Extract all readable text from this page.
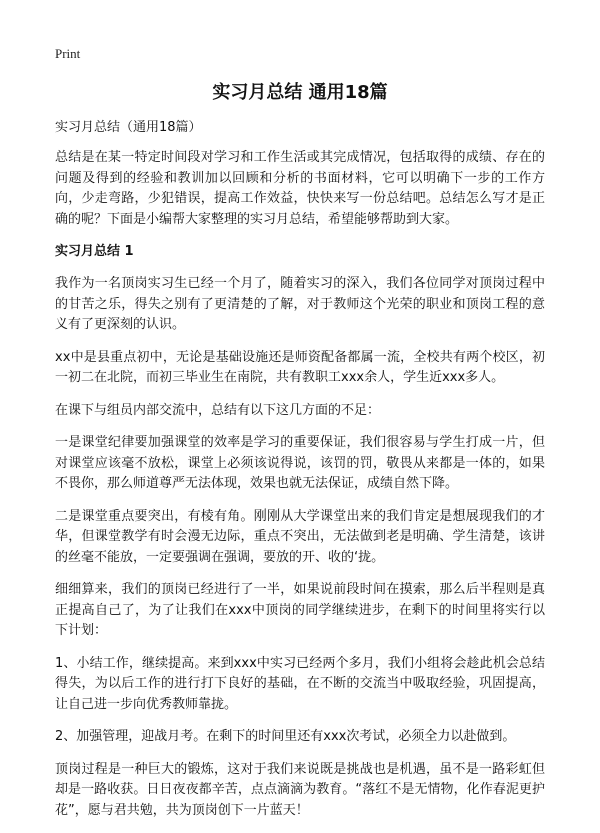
Print
实习月总结 通用18篇

实习月总结（通用18篇）

总结是在某一特定时间段对学习和工作生活或其完成情况，包括取得的成绩、存在的问题及得到的经验和教训加以回顾和分析的书面材料，它可以明确下一步的工作方向，少走弯路，少犯错误，提高工作效益，快快来写一份总结吧。总结怎么写才是正确的呢？下面是小编帮大家整理的实习月总结，希望能够帮助到大家。

实习月总结 1

我作为一名顶岗实习生已经一个月了，随着实习的深入，我们各位同学对顶岗过程中的甘苦之乐，得失之别有了更清楚的了解，对于教师这个光荣的职业和顶岗工程的意义有了更深刻的认识。

xx中是县重点初中，无论是基础设施还是师资配备都属一流，全校共有两个校区，初一初二在北院，而初三毕业生在南院，共有教职工xxx余人，学生近xxx多人。

在课下与组员内部交流中，总结有以下这几方面的不足：

一是课堂纪律要加强课堂的效率是学习的重要保证，我们很容易与学生打成一片，但对课堂应该毫不放松，课堂上必须该说得说，该罚的罚，敬畏从来都是一体的，如果不畏你，那么师道尊严无法体现，效果也就无法保证，成绩自然下降。

二是课堂重点要突出，有棱有角。刚刚从大学课堂出来的我们肯定是想展现我们的才华，但课堂教学有时会漫无边际，重点不突出，无法做到老是明确、学生清楚，该讲的丝毫不能放，一定要强调在强调，要放的开、收的‘拢。

细细算来，我们的顶岗已经进行了一半，如果说前段时间在摸索，那么后半程则是真正提高自己了，为了让我们在xxx中顶岗的同学继续进步，在剩下的时间里将实行以下计划：

1、小结工作，继续提高。来到xxx中实习已经两个多月，我们小组将会趁此机会总结得失，为以后工作的进行打下良好的基础，在不断的交流当中吸取经验，巩固提高，让自己进一步向优秀教师靠拢。

2、加强管理，迎战月考。在剩下的时间里还有xxx次考试，必须全力以赴做到。

顶岗过程是一种巨大的锻炼，这对于我们来说既是挑战也是机遇，虽不是一路彩虹但却是一路收获。日日夜夜都辛苦，点点滴滴为教育。“落红不是无情物，化作春泥更护花”，愿与君共勉，共为顶岗创下一片蓝天！
